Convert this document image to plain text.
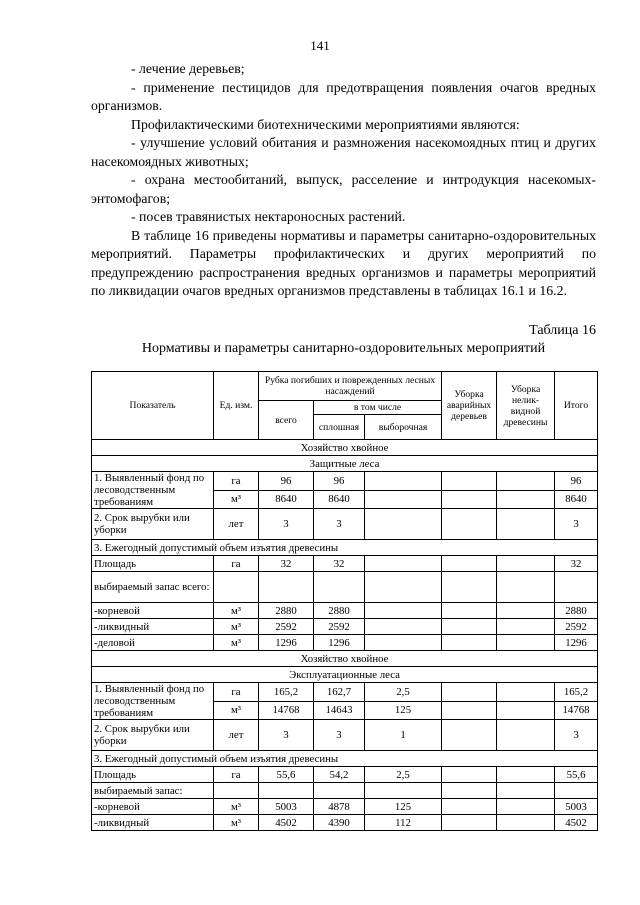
141

- лечение деревьев;

- применение пестицидов для предотвращения появления очагов вредных организмов.

Профилактическими биотехническими мероприятиями являются:

- улучшение условий обитания и размножения насекомоядных птиц и других насекомоядных животных;

- охрана местообитаний, выпуск, расселение и интродукция насекомых-энтомофагов;

- посев травянистых нектароносных растений.

В таблице 16 приведены нормативы и параметры санитарно-оздоровительных мероприятий. Параметры профилактических и других мероприятий по предупреждению распространения вредных организмов и параметры мероприятий по ликвидации очагов вредных организмов представлены в таблицах 16.1 и 16.2.

Таблица 16
Нормативы и параметры санитарно-оздоровительных мероприятий
Показатель	Ед. изм.	Рубка погибших и поврежденных лесных насаждений			Уборка аварийных деревьев	Уборка нелик-видной древесины	Итого
		всего	в том числе				
			сплошная	выборочная			
Хозяйство хвойное							
Защитные леса							
1. Выявленный фонд по лесоводственным требованиям	га	96	96				96
	м³	8640	8640				8640
2. Срок вырубки или уборки	лет	3	3				3
3. Ежегодный допустимый объем изъятия древесины							
Площадь	га	32	32				32
выбираемый запас всего:							
-корневой	м³	2880	2880				2880
-ликвидный	м³	2592	2592				2592
-деловой	м³	1296	1296				1296
Хозяйство хвойное							
Эксплуатационные леса							
1. Выявленный фонд по лесоводственным требованиям	га	165,2	162,7	2,5			165,2
	м³	14768	14643	125			14768
2. Срок вырубки или уборки	лет	3	3	1			3
3. Ежегодный допустимый объем изъятия древесины							
Площадь	га	55,6	54,2	2,5			55,6
выбираемый запас:							
-корневой	м³	5003	4878	125			5003
-ликвидный	м³	4502	4390	112			4502
